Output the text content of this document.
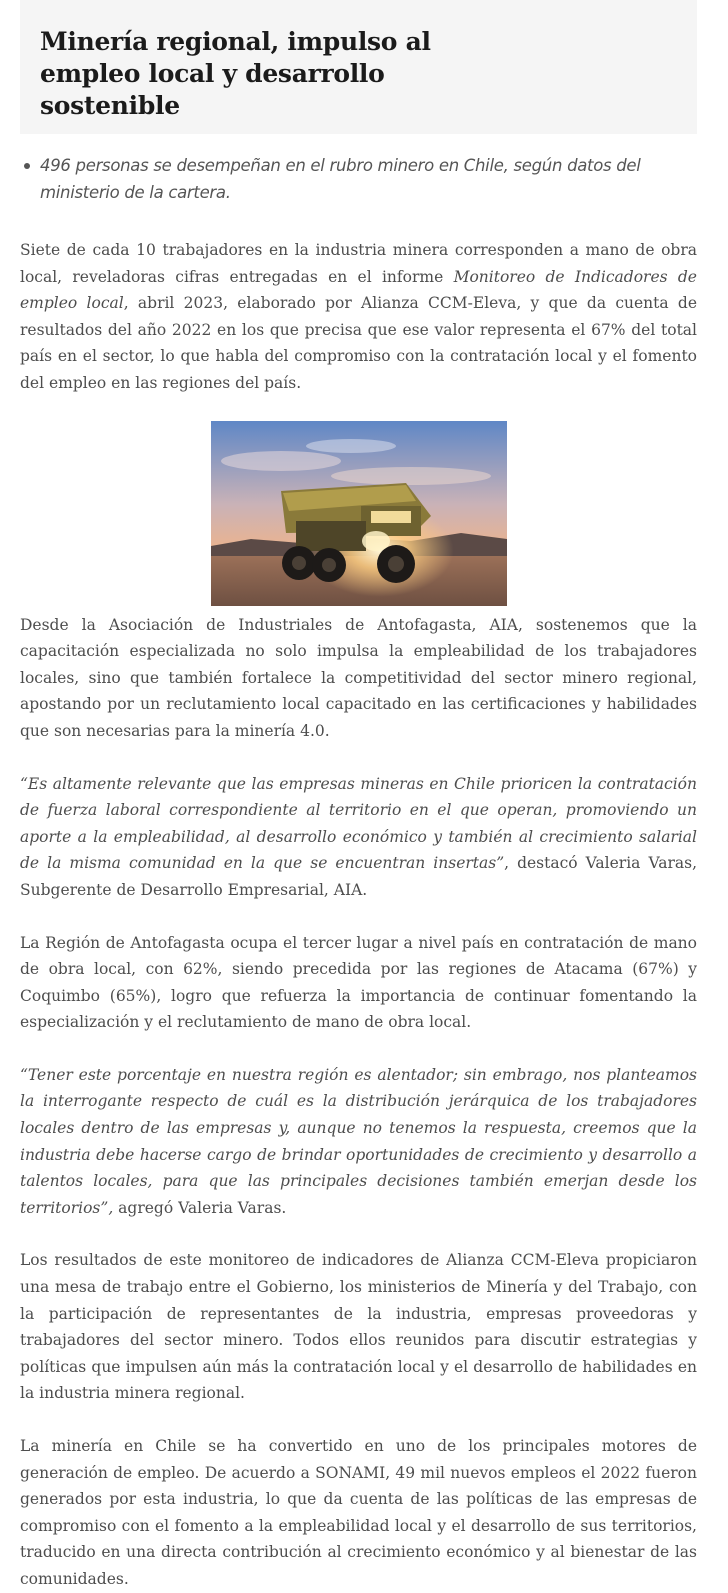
Minería regional, impulso al empleo local y desarrollo sostenible
496 personas se desempeñan en el rubro minero en Chile, según datos del ministerio de la cartera.

Siete de cada 10 trabajadores en la industria minera corresponden a mano de obra local, reveladoras cifras entregadas en el informe Monitoreo de Indicadores de empleo local, abril 2023, elaborado por Alianza CCM-Eleva, y que da cuenta de resultados del año 2022 en los que precisa que ese valor representa el 67% del total país en el sector, lo que habla del compromiso con la contratación local y el fomento del empleo en las regiones del país.

Desde la Asociación de Industriales de Antofagasta, AIA, sostenemos que la capacitación especializada no solo impulsa la empleabilidad de los trabajadores locales, sino que también fortalece la competitividad del sector minero regional, apostando por un reclutamiento local capacitado en las certificaciones y habilidades que son necesarias para la minería 4.0.

“Es altamente relevante que las empresas mineras en Chile prioricen la contratación de fuerza laboral correspondiente al territorio en el que operan, promoviendo un aporte a la empleabilidad, al desarrollo económico y también al crecimiento salarial de la misma comunidad en la que se encuentran insertas”, destacó Valeria Varas, Subgerente de Desarrollo Empresarial, AIA.

La Región de Antofagasta ocupa el tercer lugar a nivel país en contratación de mano de obra local, con 62%, siendo precedida por las regiones de Atacama (67%) y Coquimbo (65%), logro que refuerza la importancia de continuar fomentando la especialización y el reclutamiento de mano de obra local.

“Tener este porcentaje en nuestra región es alentador; sin embrago, nos planteamos la interrogante respecto de cuál es la distribución jerárquica de los trabajadores locales dentro de las empresas y, aunque no tenemos la respuesta, creemos que la industria debe hacerse cargo de brindar oportunidades de crecimiento y desarrollo a talentos locales, para que las principales decisiones también emerjan desde los territorios”, agregó Valeria Varas.

Los resultados de este monitoreo de indicadores de Alianza CCM-Eleva propiciaron una mesa de trabajo entre el Gobierno, los ministerios de Minería y del Trabajo, con la participación de representantes de la industria, empresas proveedoras y trabajadores del sector minero. Todos ellos reunidos para discutir estrategias y políticas que impulsen aún más la contratación local y el desarrollo de habilidades en la industria minera regional.

La minería en Chile se ha convertido en uno de los principales motores de generación de empleo. De acuerdo a SONAMI, 49 mil nuevos empleos el 2022 fueron generados por esta industria, lo que da cuenta de las políticas de las empresas de compromiso con el fomento a la empleabilidad local y el desarrollo de sus territorios, traducido en una directa contribución al crecimiento económico y al bienestar de las comunidades.
